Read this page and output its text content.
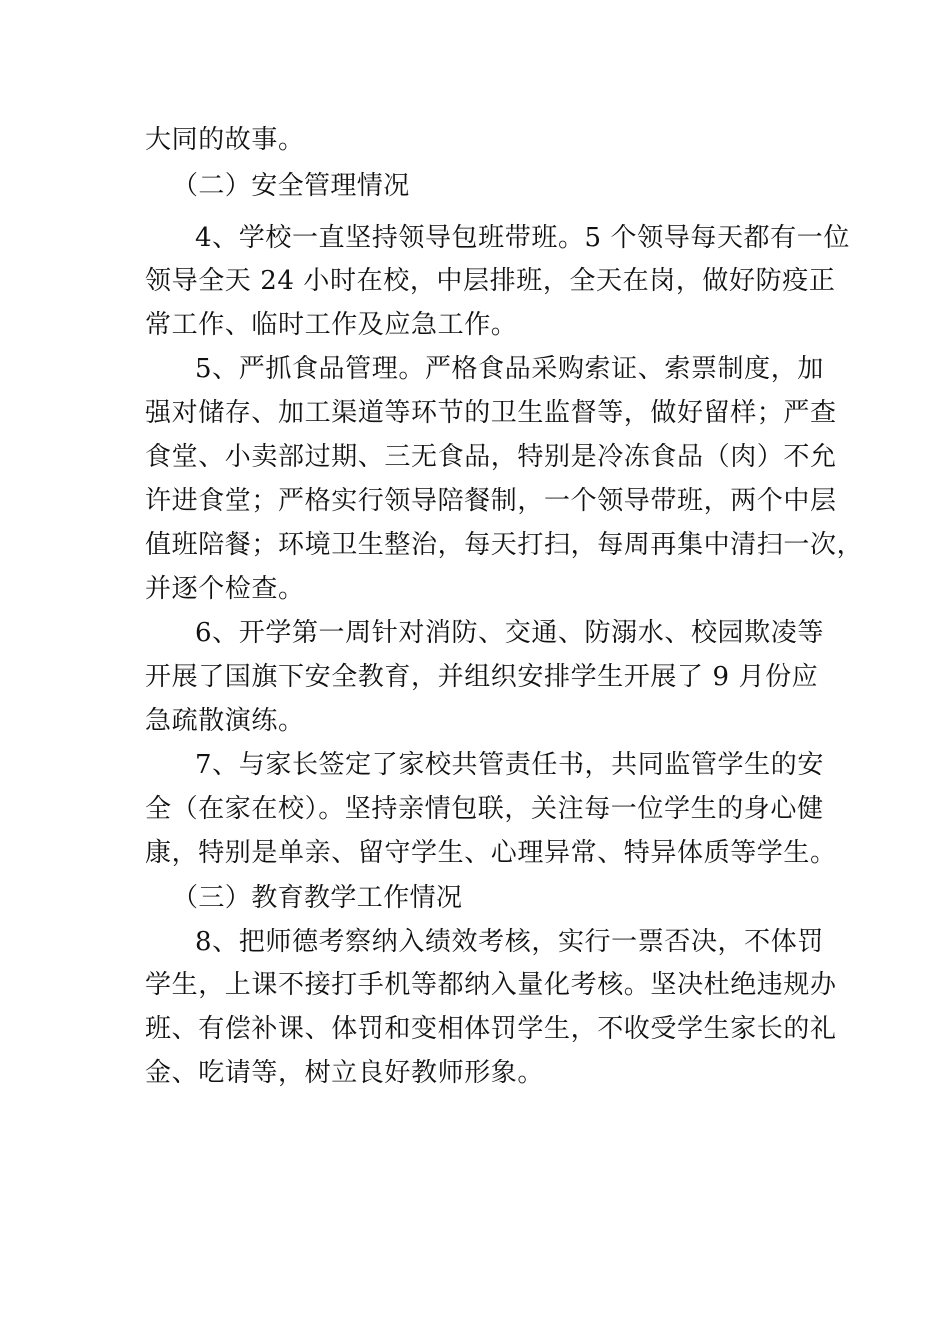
大同的故事。
（二）安全管理情况
4、学校一直坚持领导包班带班。5 个领导每天都有一位
领导全天 24 小时在校，中层排班，全天在岗，做好防疫正
常工作、临时工作及应急工作。
5、严抓食品管理。严格食品采购索证、索票制度，加
强对储存、加工渠道等环节的卫生监督等，做好留样；严查
食堂、小卖部过期、三无食品，特别是冷冻食品（肉）不允
许进食堂；严格实行领导陪餐制，一个领导带班，两个中层
值班陪餐；环境卫生整治，每天打扫，每周再集中清扫一次，
并逐个检查。
6、开学第一周针对消防、交通、防溺水、校园欺凌等
开展了国旗下安全教育，并组织安排学生开展了 9 月份应
急疏散演练。
7、与家长签定了家校共管责任书，共同监管学生的安
全（在家在校）。坚持亲情包联，关注每一位学生的身心健
康，特别是单亲、留守学生、心理异常、特异体质等学生。
（三）教育教学工作情况
8、把师德考察纳入绩效考核，实行一票否决，不体罚
学生，上课不接打手机等都纳入量化考核。坚决杜绝违规办
班、有偿补课、体罚和变相体罚学生，不收受学生家长的礼
金、吃请等，树立良好教师形象。
